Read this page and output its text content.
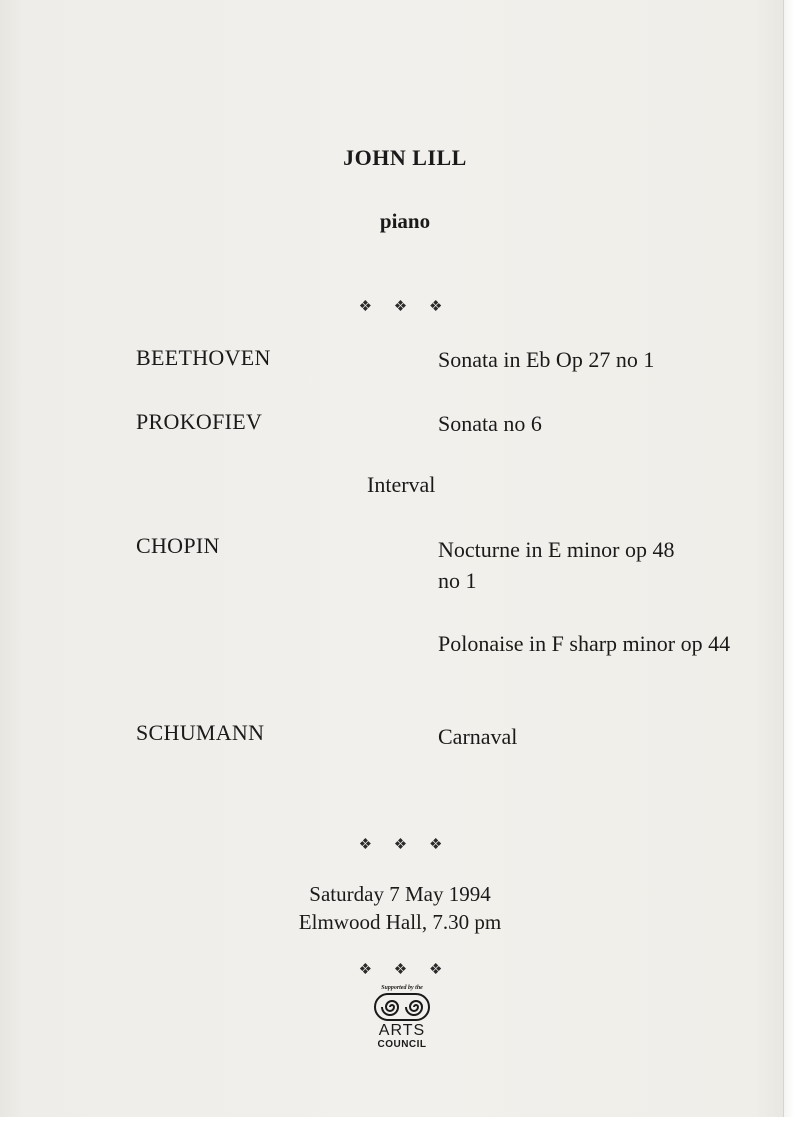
JOHN LILL
piano
❖ ❖ ❖
BEETHOVEN	Sonata in Eb Op 27 no 1
PROKOFIEV	Sonata no 6
Interval
CHOPIN	Nocturne in E minor op 48 no 1
Polonaise in F sharp minor op 44
SCHUMANN	Carnaval
❖ ❖ ❖
Saturday 7 May 1994
Elmwood Hall, 7.30 pm
❖ ❖ ❖
Supported by the
ARTS
COUNCIL
